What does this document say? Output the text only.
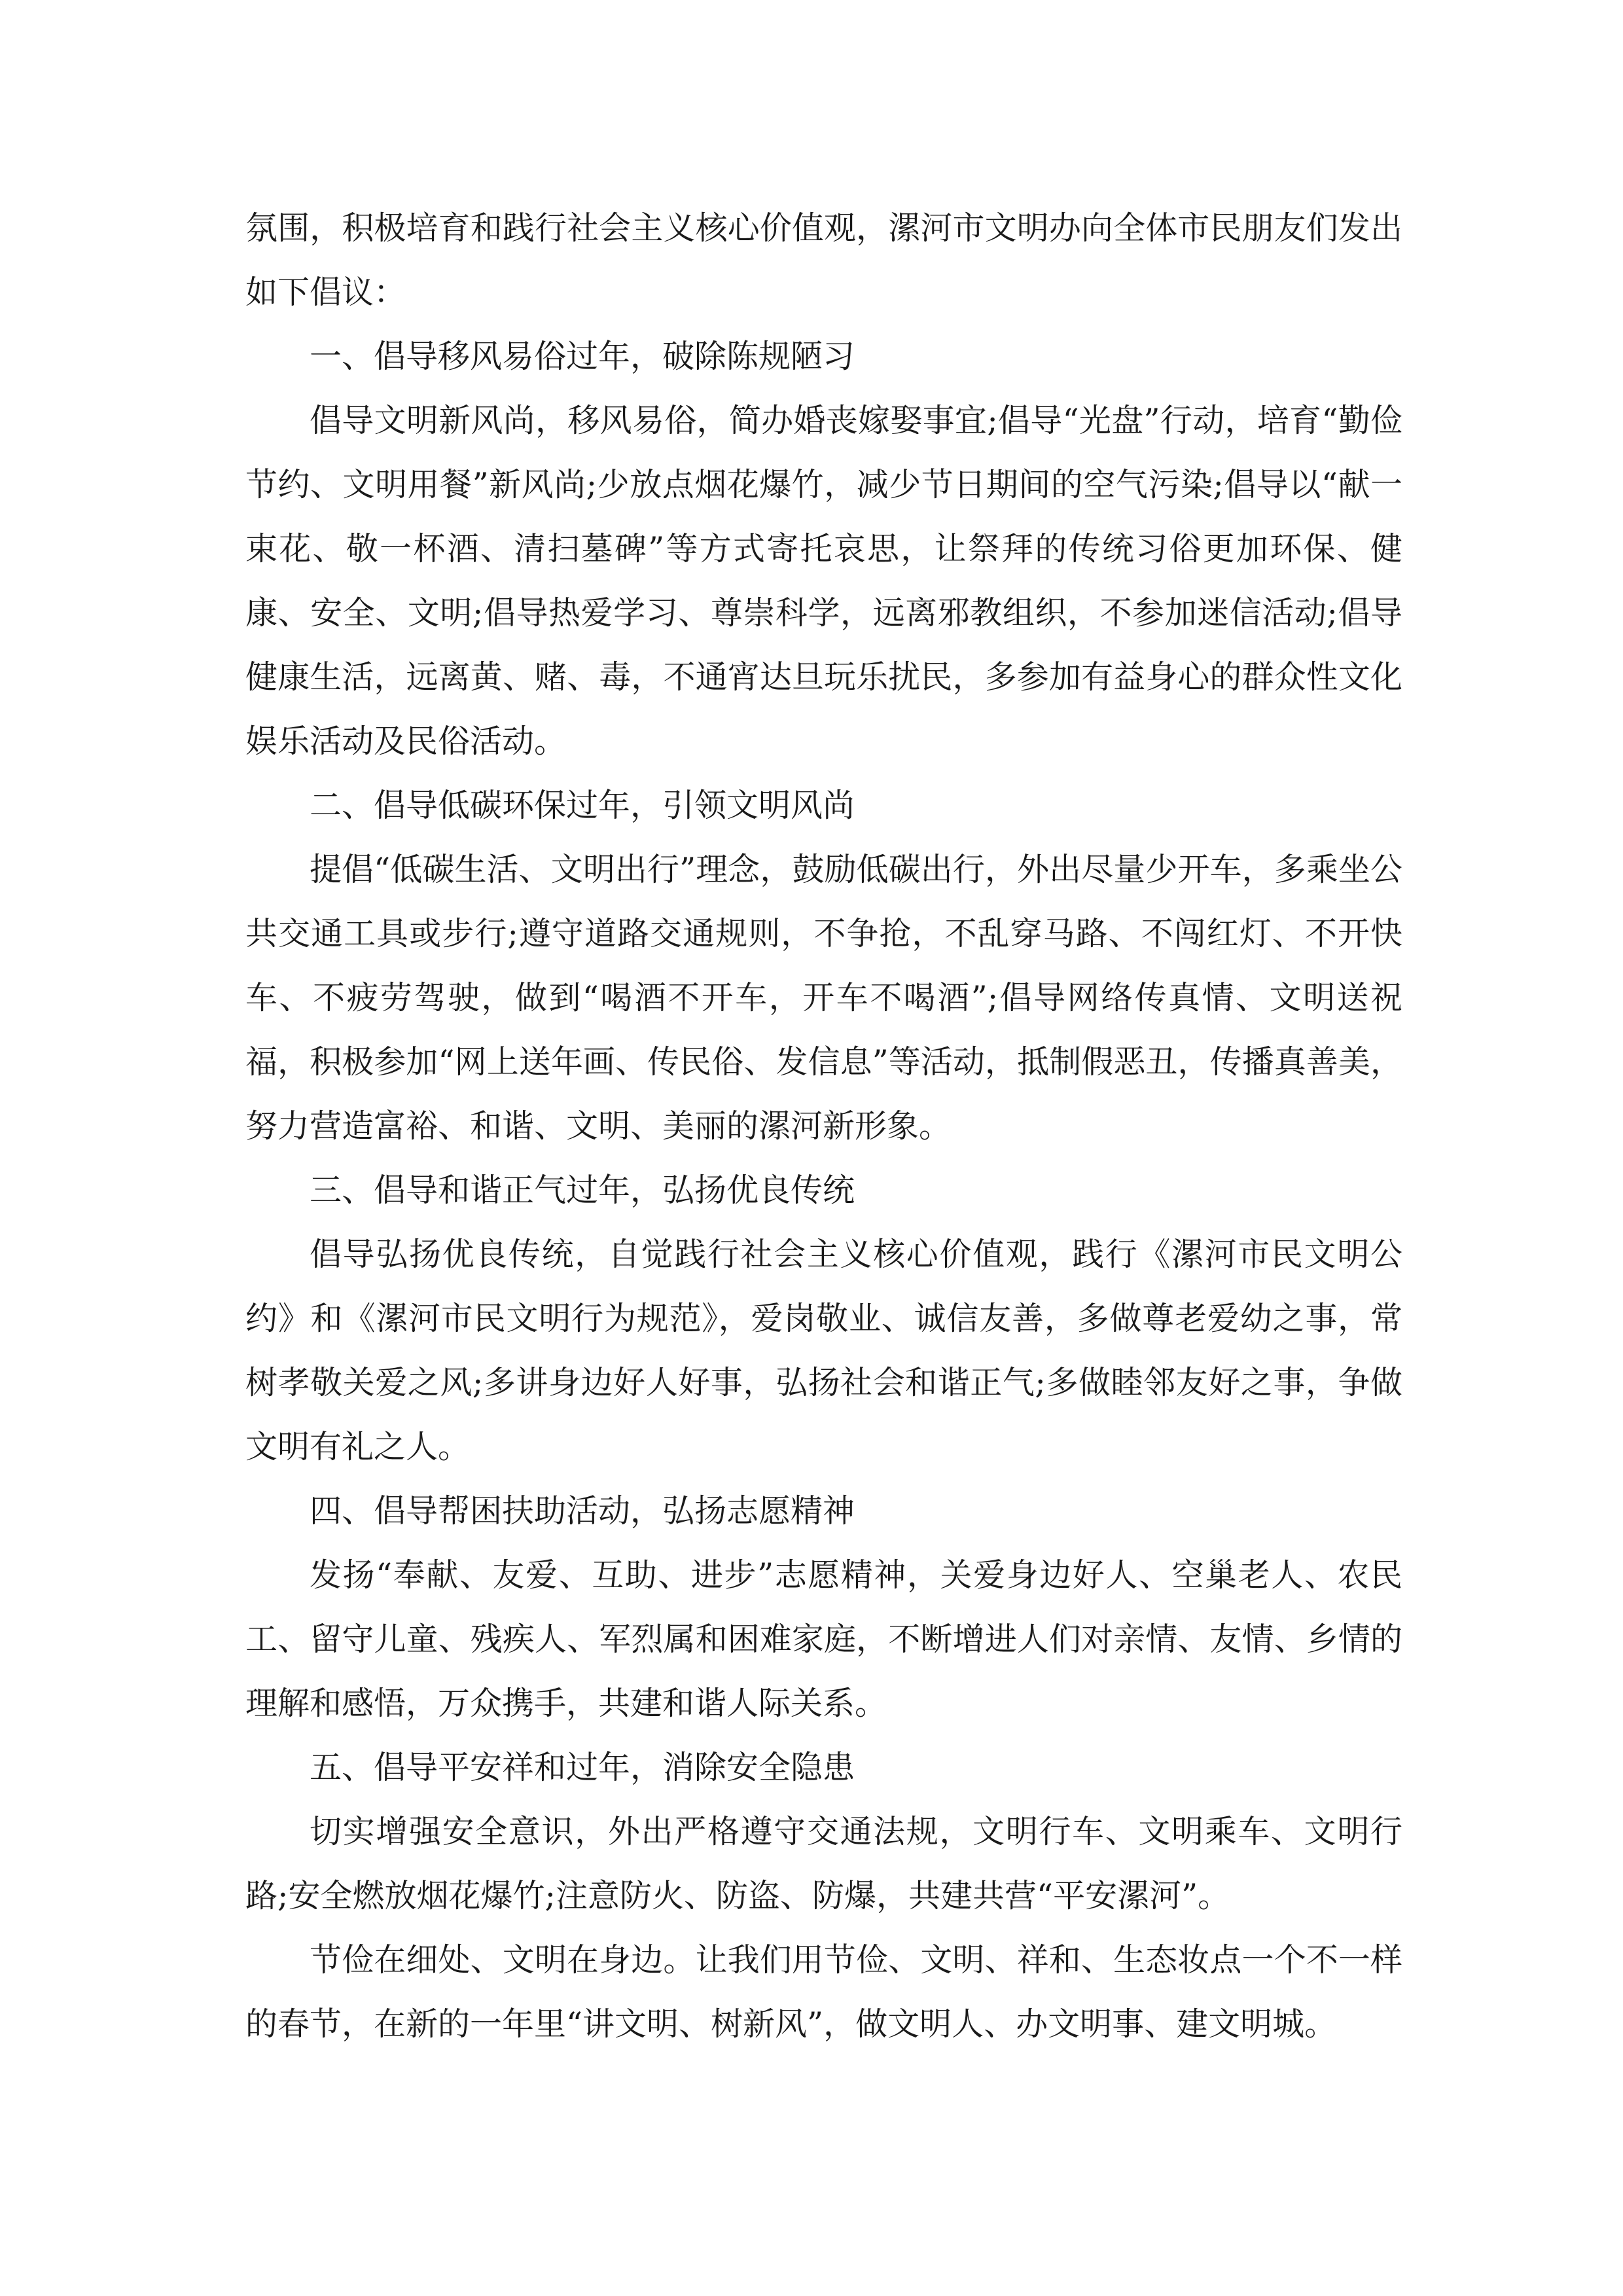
氛围，积极培育和践行社会主义核心价值观，漯河市文明办向全体市民朋友们发出如下倡议：

一、倡导移风易俗过年，破除陈规陋习

倡导文明新风尚，移风易俗，简办婚丧嫁娶事宜;倡导“光盘”行动，培育“勤俭节约、文明用餐”新风尚;少放点烟花爆竹，减少节日期间的空气污染;倡导以“献一束花、敬一杯酒、清扫墓碑”等方式寄托哀思，让祭拜的传统习俗更加环保、健康、安全、文明;倡导热爱学习、尊崇科学，远离邪教组织，不参加迷信活动;倡导健康生活，远离黄、赌、毒，不通宵达旦玩乐扰民，多参加有益身心的群众性文化娱乐活动及民俗活动。

二、倡导低碳环保过年，引领文明风尚

提倡“低碳生活、文明出行”理念，鼓励低碳出行，外出尽量少开车，多乘坐公共交通工具或步行;遵守道路交通规则，不争抢，不乱穿马路、不闯红灯、不开快车、不疲劳驾驶，做到“喝酒不开车，开车不喝酒”;倡导网络传真情、文明送祝福，积极参加“网上送年画、传民俗、发信息”等活动，抵制假恶丑，传播真善美，努力营造富裕、和谐、文明、美丽的漯河新形象。

三、倡导和谐正气过年，弘扬优良传统

倡导弘扬优良传统，自觉践行社会主义核心价值观，践行《漯河市民文明公约》和《漯河市民文明行为规范》，爱岗敬业、诚信友善，多做尊老爱幼之事，常树孝敬关爱之风;多讲身边好人好事，弘扬社会和谐正气;多做睦邻友好之事，争做文明有礼之人。

四、倡导帮困扶助活动，弘扬志愿精神

发扬“奉献、友爱、互助、进步”志愿精神，关爱身边好人、空巢老人、农民工、留守儿童、残疾人、军烈属和困难家庭，不断增进人们对亲情、友情、乡情的理解和感悟，万众携手，共建和谐人际关系。

五、倡导平安祥和过年，消除安全隐患

切实增强安全意识，外出严格遵守交通法规，文明行车、文明乘车、文明行路;安全燃放烟花爆竹;注意防火、防盗、防爆，共建共营“平安漯河”。

节俭在细处、文明在身边。让我们用节俭、文明、祥和、生态妆点一个不一样的春节，在新的一年里“讲文明、树新风”，做文明人、办文明事、建文明城。
